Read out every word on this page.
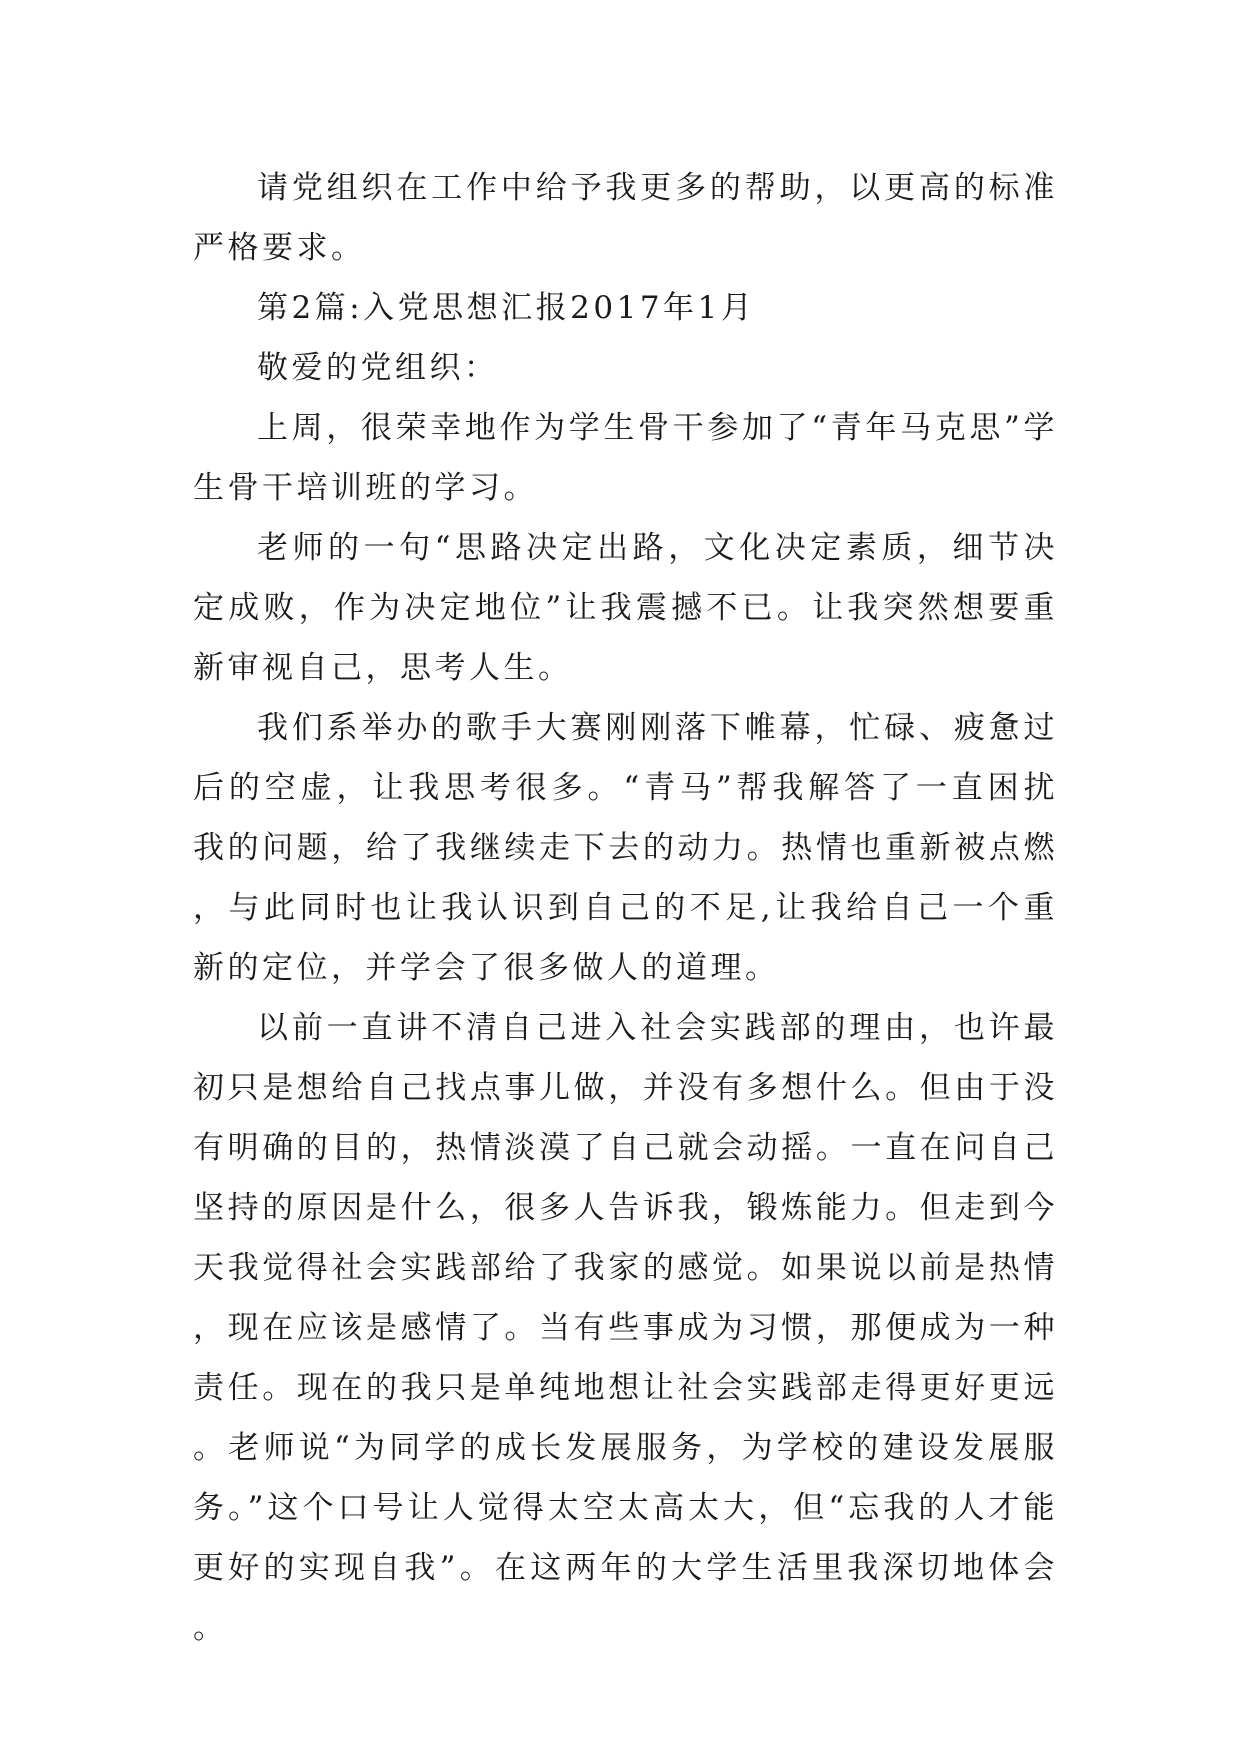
请党组织在工作中给予我更多的帮助，以更高的标准严格要求。

第2篇:入党思想汇报2017年1月

敬爱的党组织：

上周，很荣幸地作为学生骨干参加了“青年马克思”学生骨干培训班的学习。

老师的一句“思路决定出路，文化决定素质，细节决定成败，作为决定地位”让我震撼不已。让我突然想要重新审视自己，思考人生。

我们系举办的歌手大赛刚刚落下帷幕，忙碌、疲惫过后的空虚，让我思考很多。“青马”帮我解答了一直困扰我的问题，给了我继续走下去的动力。热情也重新被点燃，与此同时也让我认识到自己的不足,让我给自己一个重新的定位，并学会了很多做人的道理。

以前一直讲不清自己进入社会实践部的理由，也许最初只是想给自己找点事儿做，并没有多想什么。但由于没有明确的目的，热情淡漠了自己就会动摇。一直在问自己坚持的原因是什么，很多人告诉我，锻炼能力。但走到今天我觉得社会实践部给了我家的感觉。如果说以前是热情，现在应该是感情了。当有些事成为习惯，那便成为一种责任。现在的我只是单纯地想让社会实践部走得更好更远。老师说“为同学的成长发展服务，为学校的建设发展服务。”这个口号让人觉得太空太高太大，但“忘我的人才能更好的实现自我”。在这两年的大学生活里我深切地体会。
